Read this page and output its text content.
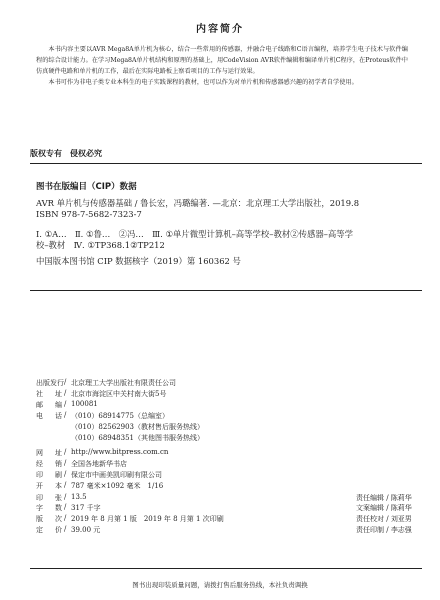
内容简介

本书内容主要以AVR Mega8A单片机为核心，结合一些常用的传感器，并融合电子线路和C语言编程，培养学生电子技术与软件编程的综合设计能力。在学习Mega8A单片机结构和原理的基础上，用CodeVision AVR软件编辑和编译单片机C程序，在Proteus软件中仿真硬件电路和单片机的工作，最后在实际电路板上察看项目的工作与运行效果。

本书可作为非电子类专业本科生的电子实践课程的教材，也可以作为对单片机和传感器感兴趣的初学者自学使用。

版权专有　侵权必究
图书在版编目（CIP）数据
AVR 单片机与传感器基础 / 鲁长宏，冯璐编著. —北京：北京理工大学出版社，2019.8
ISBN 978-7-5682-7323-7
Ⅰ. ①A…　Ⅱ. ①鲁…　②冯…　Ⅲ. ①单片微型计算机–高等学校–教材②传感器–高等学
校–教材　Ⅳ. ①TP368.1②TP212
中国版本图书馆 CIP 数据核字（2019）第 160362 号
出 版 发 行 / 北京理工大学出版社有限责任公司
社 址 / 北京市海淀区中关村南大街5号
邮 编 / 100081
电 话 / （010）68914775（总编室）
（010）82562903（教材售后服务热线）
（010）68948351（其他图书服务热线）
网 址 / http://www.bitpress.com.cn
经 销 / 全国各地新华书店
印 刷 / 保定市中画美凯印刷有限公司
开 本 / 787 毫米×1092 毫米　1/16
印 张 / 13.5
字 数 / 317 千字
版 次 / 2019 年 8 月第 1 版　2019 年 8 月第 1 次印刷
定 价 / 39.00 元
责任编辑 / 陈莉华
文案编辑 / 陈莉华
责任校对 / 刘亚男
责任印制 / 李志强
图书出现印装质量问题，请拨打售后服务热线，本社负责调换
